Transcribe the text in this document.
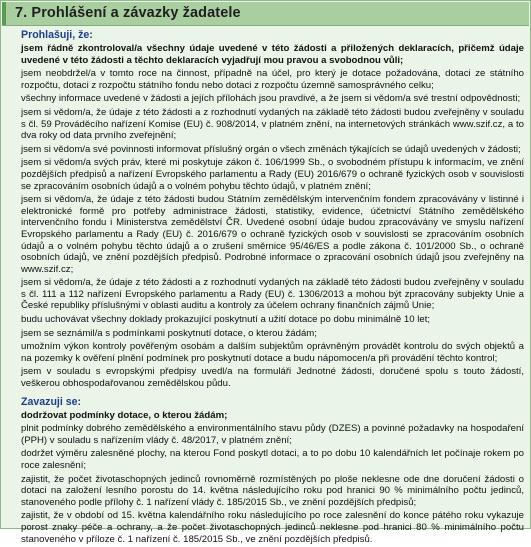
7. Prohlášení a závazky žadatele
Prohlašuji, že:
jsem řádně zkontroloval/a všechny údaje uvedené v této žádosti a přiložených deklaracích, přičemž údaje uvedené v této žádosti a těchto deklaracích vyjadřují mou pravou a svobodnou vůli;
jsem neobdržel/a v tomto roce na činnost, případně na účel, pro který je dotace požadována, dotaci ze státního rozpočtu, dotaci z rozpočtu státního fondu nebo dotaci z rozpočtu územně samosprávného celku;
všechny informace uvedené v žádosti a jejích přílohách jsou pravdivé, a že jsem si vědom/a své trestní odpovědnosti;
jsem si vědom/a, že údaje z této žádosti a z rozhodnutí vydaných na základě této žádosti budou zveřejněny v souladu s čl. 59 Prováděcího nařízení Komise (EU) č. 908/2014, v platném znění, na internetových stránkách www.szif.cz, a to dva roky od data prvního zveřejnění;
jsem si vědom/a své povinnosti informovat příslušný orgán o všech změnách týkajících se údajů uvedených v žádosti;
jsem si vědom/a svých práv, které mi poskytuje zákon č. 106/1999 Sb., o svobodném přístupu k informacím, ve znění pozdějších předpisů a nařízení Evropského parlamentu a Rady (EU) 2016/679 o ochraně fyzických osob v souvislosti se zpracováním osobních údajů a o volném pohybu těchto údajů, v platném znění;
jsem si vědom/a, že údaje z této žádosti budou Státním zemědělským intervenčním fondem zpracovávány v listinné i elektronické formě pro potřeby administrace žádosti, statistiky, evidence, účetnictví Státního zemědělského intervenčního fondu i Ministerstva zemědělství ČR. Uvedené osobní údaje budou zpracovávány ve smyslu nařízení Evropského parlamentu a Rady (EU) č. 2016/679 o ochraně fyzických osob v souvislosti se zpracováním osobních údajů a o volném pohybu těchto údajů a o zrušení směrnice 95/46/ES a podle zákona č. 101/2000 Sb., o ochraně osobních údajů, ve znění pozdějších předpisů. Podrobné informace o zpracování osobních údajů jsou zveřejněny na www.szif.cz;
jsem si vědom/a, že údaje z této žádosti a z rozhodnutí vydaných na základě této žádosti budou zveřejněny v souladu s čl. 111 a 112 nařízení Evropského parlamentu a Rady (EU) č. 1306/2013 a mohou být zpracovány subjekty Unie a České republiky příslušnými v oblasti auditu a kontroly za účelem ochrany finančních zájmů Unie;
budu uchovávat všechny doklady prokazující poskytnutí a užití dotace po dobu minimálně 10 let;
jsem se seznámil/a s podmínkami poskytnutí dotace, o kterou žádám;
umožním výkon kontroly pověřeným osobám a dalším subjektům oprávněným provádět kontrolu do svých objektů a na pozemky k ověření plnění podmínek pro poskytnutí dotace a budu nápomocen/a při provádění těchto kontrol;
jsem v souladu s evropskými předpisy uvedl/a na formuláři Jednotné žádosti, doručené spolu s touto žádostí, veškerou obhospodařovanou zemědělskou půdu.
Zavazuji se:
dodržovat podmínky dotace, o kterou žádám;
plnit podmínky dobrého zemědělského a environmentálního stavu půdy (DZES) a povinné požadavky na hospodaření (PPH) v souladu s nařízením vlády č. 48/2017, v platném znění;
dodržet výměru zalesněné plochy, na kterou Fond poskytl dotaci, a to po dobu 10 kalendářních let počínaje rokem po roce zalesnění;
zajistit, že počet životaschopných jedinců rovnoměrně rozmístěných po ploše neklesne ode dne doručení žádosti o dotaci na založení lesního porostu do 14. května následujícího roku pod hranici 90 % minimálního počtu jedinců, stanoveného podle přílohy č. 1 nařízení vlády č. 185/2015 Sb., ve znění pozdějších předpisů;
zajistit, že v období od 15. května kalendářního roku následujícího po roce zalesnění do konce pátého roku vykazuje porost znaky péče a ochrany, a že počet životaschopných jedinců neklesne pod hranici 80 % minimálního počtu stanoveného v příloze č. 1 nařízení č. 185/2015 Sb., ve znění pozdějších předpisů.
